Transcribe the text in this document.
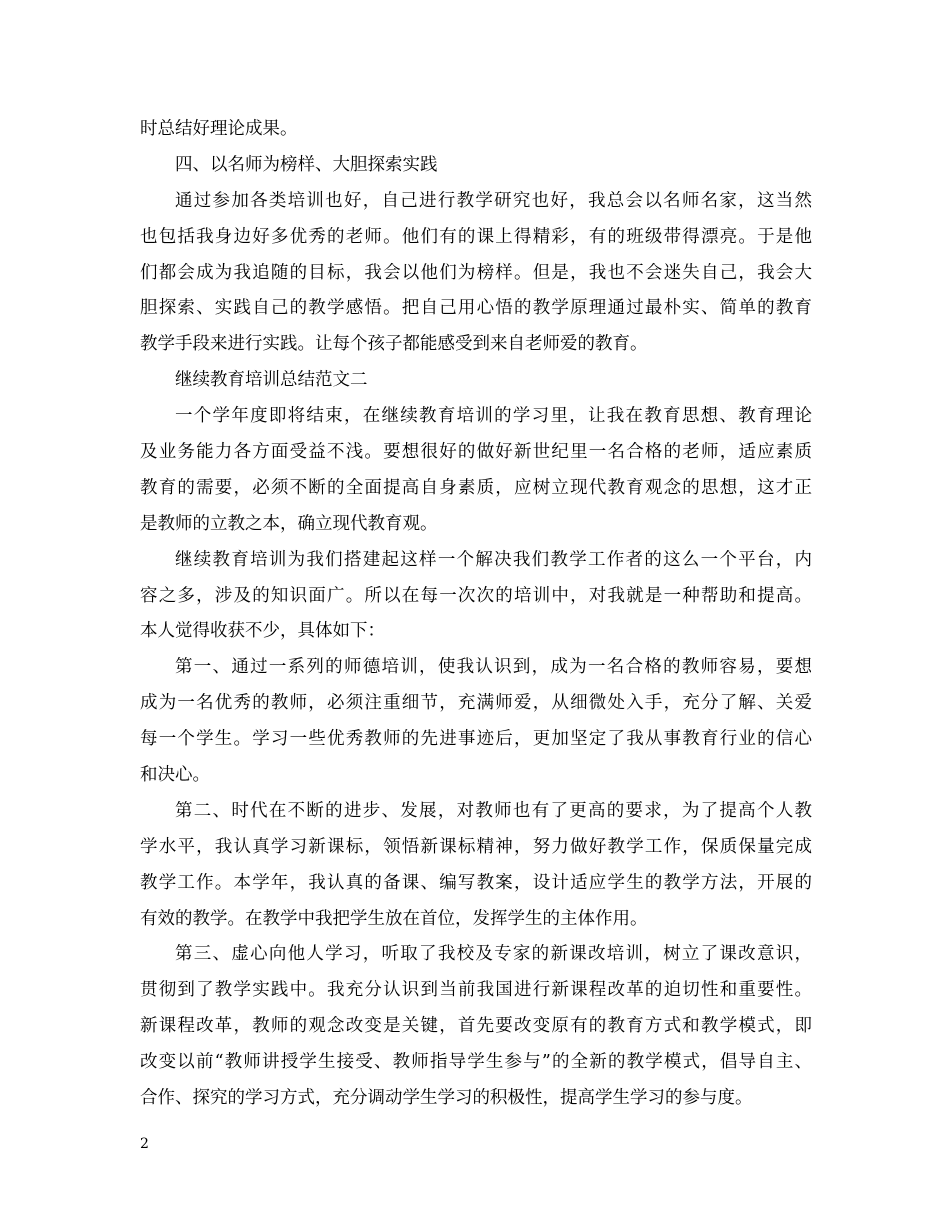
时总结好理论成果。
四、以名师为榜样、大胆探索实践
通过参加各类培训也好，自己进行教学研究也好，我总会以名师名家，这当然
也包括我身边好多优秀的老师。他们有的课上得精彩，有的班级带得漂亮。于是他
们都会成为我追随的目标，我会以他们为榜样。但是，我也不会迷失自己，我会大
胆探索、实践自己的教学感悟。把自己用心悟的教学原理通过最朴实、简单的教育
教学手段来进行实践。让每个孩子都能感受到来自老师爱的教育。
继续教育培训总结范文二
一个学年度即将结束，在继续教育培训的学习里，让我在教育思想、教育理论
及业务能力各方面受益不浅。要想很好的做好新世纪里一名合格的老师，适应素质
教育的需要，必须不断的全面提高自身素质，应树立现代教育观念的思想，这才正
是教师的立教之本，确立现代教育观。
继续教育培训为我们搭建起这样一个解决我们教学工作者的这么一个平台，内
容之多，涉及的知识面广。所以在每一次次的培训中，对我就是一种帮助和提高。
本人觉得收获不少，具体如下：
第一、通过一系列的师德培训，使我认识到，成为一名合格的教师容易，要想
成为一名优秀的教师，必须注重细节，充满师爱，从细微处入手，充分了解、关爱
每一个学生。学习一些优秀教师的先进事迹后，更加坚定了我从事教育行业的信心
和决心。
第二、时代在不断的进步、发展，对教师也有了更高的要求，为了提高个人教
学水平，我认真学习新课标，领悟新课标精神，努力做好教学工作，保质保量完成
教学工作。本学年，我认真的备课、编写教案，设计适应学生的教学方法，开展的
有效的教学。在教学中我把学生放在首位，发挥学生的主体作用。
第三、虚心向他人学习，听取了我校及专家的新课改培训，树立了课改意识，
贯彻到了教学实践中。我充分认识到当前我国进行新课程改革的迫切性和重要性。
新课程改革，教师的观念改变是关键，首先要改变原有的教育方式和教学模式，即
改变以前“教师讲授学生接受、教师指导学生参与”的全新的教学模式，倡导自主、
合作、探究的学习方式，充分调动学生学习的积极性，提高学生学习的参与度。
2
